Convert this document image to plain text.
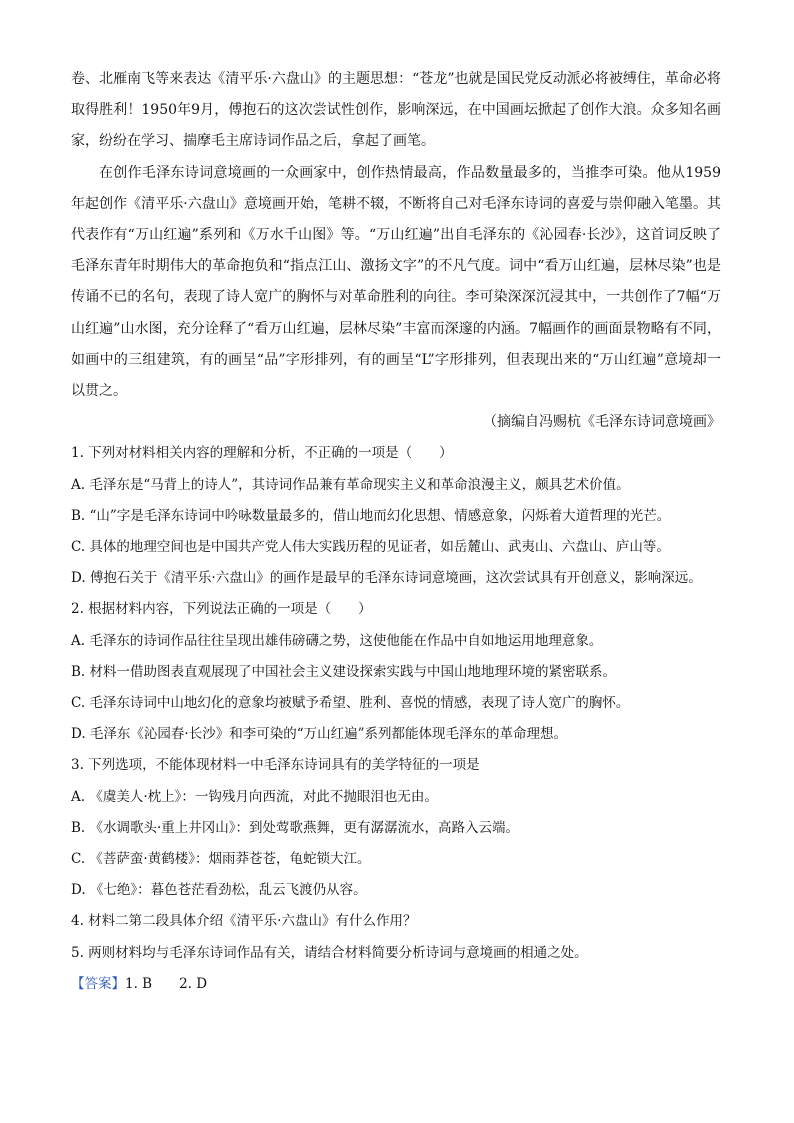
卷、北雁南飞等来表达《清平乐·六盘山》的主题思想：“苍龙”也就是国民党反动派必将被缚住，革命必将取得胜利！1950年9月，傅抱石的这次尝试性创作，影响深远，在中国画坛掀起了创作大浪。众多知名画家，纷纷在学习、揣摩毛主席诗词作品之后，拿起了画笔。

在创作毛泽东诗词意境画的一众画家中，创作热情最高，作品数量最多的，当推李可染。他从1959年起创作《清平乐·六盘山》意境画开始，笔耕不辍，不断将自己对毛泽东诗词的喜爱与崇仰融入笔墨。其代表作有“万山红遍”系列和《万水千山图》等。“万山红遍”出自毛泽东的《沁园春·长沙》，这首词反映了毛泽东青年时期伟大的革命抱负和“指点江山、激扬文字”的不凡气度。词中“看万山红遍，层林尽染”也是传诵不已的名句，表现了诗人宽广的胸怀与对革命胜利的向往。李可染深深沉浸其中，一共创作了7幅“万山红遍”山水图，充分诠释了“看万山红遍，层林尽染”丰富而深邃的内涵。7幅画作的画面景物略有不同，如画中的三组建筑，有的画呈“品”字形排列，有的画呈“L”字形排列，但表现出来的“万山红遍”意境却一以贯之。

（摘编自冯赐杭《毛泽东诗词意境画》

1. 下列对材料相关内容的理解和分析，不正确的一项是（　　）

A. 毛泽东是“马背上的诗人”，其诗词作品兼有革命现实主义和革命浪漫主义，颇具艺术价值。

B. “山”字是毛泽东诗词中吟咏数量最多的，借山地而幻化思想、情感意象，闪烁着大道哲理的光芒。

C. 具体的地理空间也是中国共产党人伟大实践历程的见证者，如岳麓山、武夷山、六盘山、庐山等。

D. 傅抱石关于《清平乐·六盘山》的画作是最早的毛泽东诗词意境画，这次尝试具有开创意义，影响深远。

2. 根据材料内容，下列说法正确的一项是（　　）

A. 毛泽东的诗词作品往往呈现出雄伟磅礴之势，这使他能在作品中自如地运用地理意象。

B. 材料一借助图表直观展现了中国社会主义建设探索实践与中国山地地理环境的紧密联系。

C. 毛泽东诗词中山地幻化的意象均被赋予希望、胜利、喜悦的情感，表现了诗人宽广的胸怀。

D. 毛泽东《沁园春·长沙》和李可染的“万山红遍”系列都能体现毛泽东的革命理想。

3. 下列选项，不能体现材料一中毛泽东诗词具有的美学特征的一项是

A. 《虞美人·枕上》：一钩残月向西流，对此不抛眼泪也无由。

B. 《水调歌头·重上井冈山》：到处莺歌燕舞，更有潺潺流水，高路入云端。

C. 《菩萨蛮·黄鹤楼》：烟雨莽苍苍，龟蛇锁大江。

D. 《七绝》：暮色苍茫看劲松，乱云飞渡仍从容。

4. 材料二第二段具体介绍《清平乐·六盘山》有什么作用？

5. 两则材料均与毛泽东诗词作品有关，请结合材料简要分析诗词与意境画的相通之处。

【答案】1. B　　2. D
